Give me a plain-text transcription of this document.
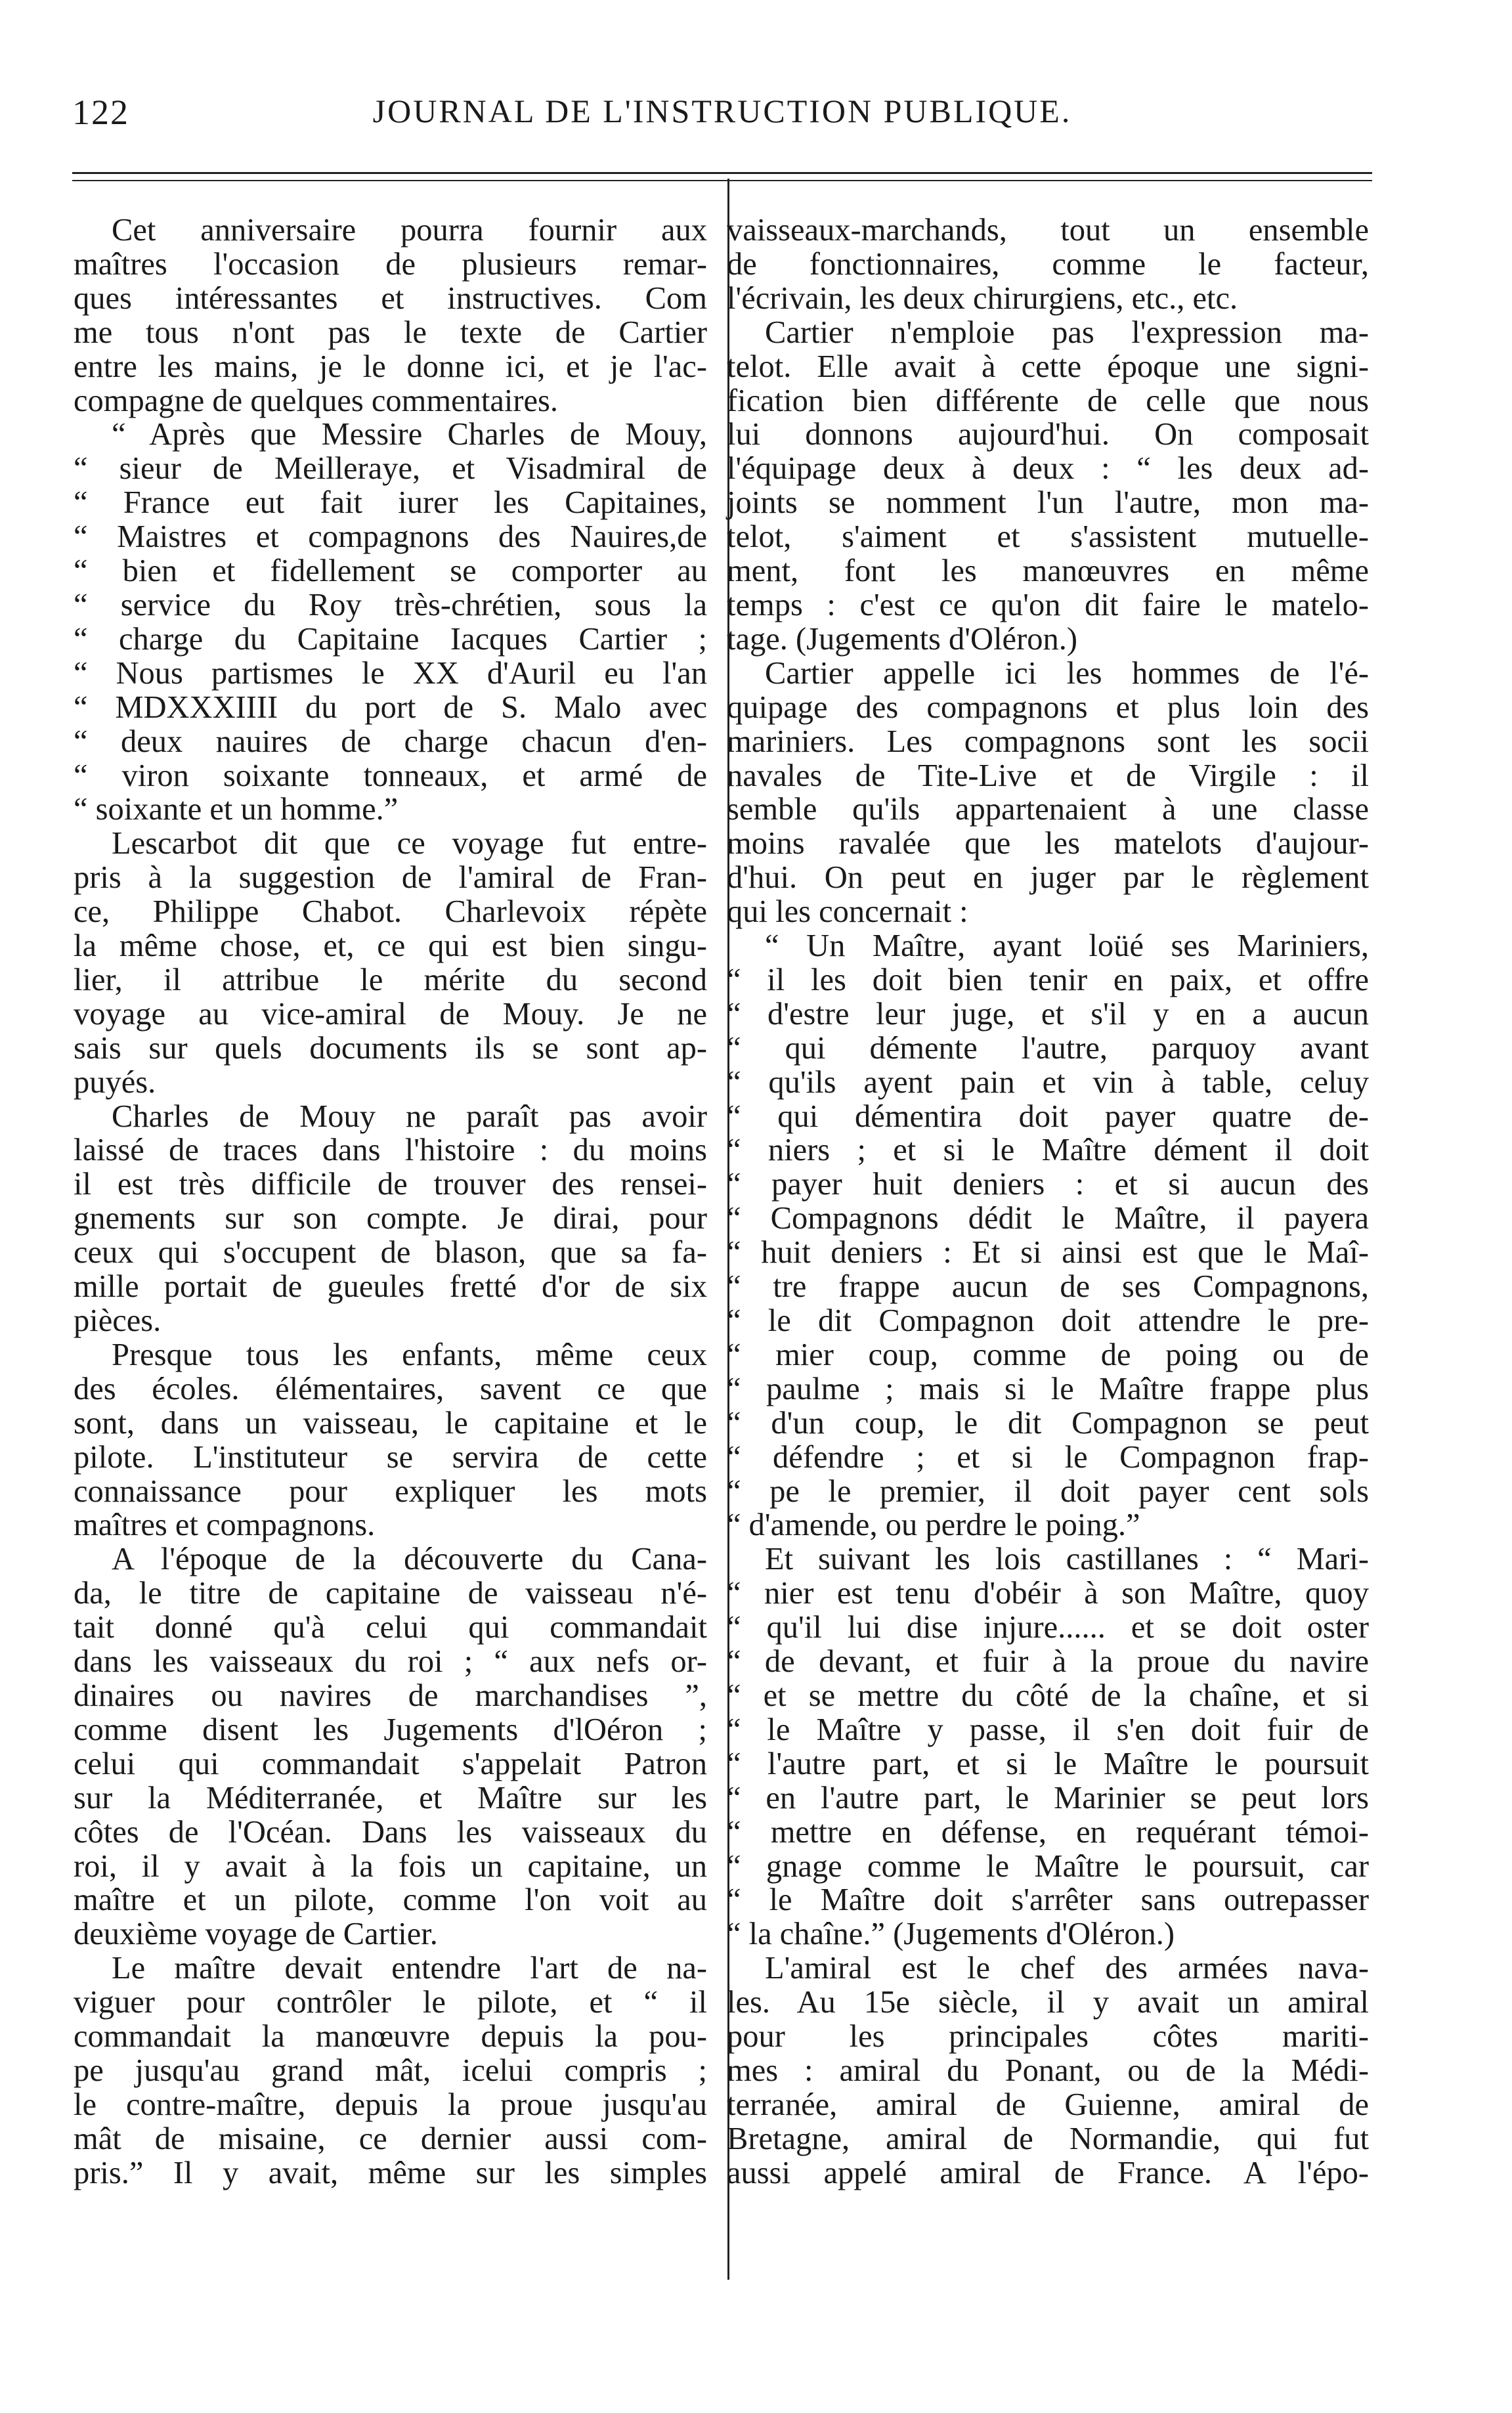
122	JOURNAL DE L'INSTRUCTION PUBLIQUE.

Cet anniversaire pourra fournir aux

maîtres l'occasion de plusieurs remar-

ques intéressantes et instructives. Com

me tous n'ont pas le texte de Cartier

entre les mains, je le donne ici, et je l'ac-

compagne de quelques commentaires.

“ Après que Messire Charles de Mouy,

“ sieur de Meilleraye, et Visadmiral de

“ France eut fait iurer les Capitaines,

“ Maistres et compagnons des Nauires,de

“ bien et fidellement se comporter au

“ service du Roy très-chrétien, sous la

“ charge du Capitaine Iacques Cartier ;

“ Nous partismes le XX d'Auril eu l'an

“ MDXXXIIII du port de S. Malo avec

“ deux nauires de charge chacun d'en-

“ viron soixante tonneaux, et armé de

“ soixante et un homme.”

Lescarbot dit que ce voyage fut entre-

pris à la suggestion de l'amiral de Fran-

ce, Philippe Chabot. Charlevoix répète

la même chose, et, ce qui est bien singu-

lier, il attribue le mérite du second

voyage au vice-amiral de Mouy. Je ne

sais sur quels documents ils se sont ap-

puyés.

Charles de Mouy ne paraît pas avoir

laissé de traces dans l'histoire : du moins

il est très difficile de trouver des rensei-

gnements sur son compte. Je dirai, pour

ceux qui s'occupent de blason, que sa fa-

mille portait de gueules fretté d'or de six

pièces.

Presque tous les enfants, même ceux

des écoles. élémentaires, savent ce que

sont, dans un vaisseau, le capitaine et le

pilote. L'instituteur se servira de cette

connaissance pour expliquer les mots

maîtres et compagnons.

A l'époque de la découverte du Cana-

da, le titre de capitaine de vaisseau n'é-

tait donné qu'à celui qui commandait

dans les vaisseaux du roi ; “ aux nefs or-

dinaires ou navires de marchandises ”,

comme disent les Jugements d'lOéron ;

celui qui commandait s'appelait Patron

sur la Méditerranée, et Maître sur les

côtes de l'Océan. Dans les vaisseaux du

roi, il y avait à la fois un capitaine, un

maître et un pilote, comme l'on voit au

deuxième voyage de Cartier.

Le maître devait entendre l'art de na-

viguer pour contrôler le pilote, et “ il

commandait la manœuvre depuis la pou-

pe jusqu'au grand mât, icelui compris ;

le contre-maître, depuis la proue jusqu'au

mât de misaine, ce dernier aussi com-

pris.” Il y avait, même sur les simples

vaisseaux-marchands, tout un ensemble

de fonctionnaires, comme le facteur,

l'écrivain, les deux chirurgiens, etc., etc.

Cartier n'emploie pas l'expression ma-

telot. Elle avait à cette époque une signi-

fication bien différente de celle que nous

lui donnons aujourd'hui. On composait

l'équipage deux à deux : “ les deux ad-

joints se nomment l'un l'autre, mon ma-

telot, s'aiment et s'assistent mutuelle-

ment, font les manœuvres en même

temps : c'est ce qu'on dit faire le matelo-

tage. (Jugements d'Oléron.)

Cartier appelle ici les hommes de l'é-

quipage des compagnons et plus loin des

mariniers. Les compagnons sont les socii

navales de Tite-Live et de Virgile : il

semble qu'ils appartenaient à une classe

moins ravalée que les matelots d'aujour-

d'hui. On peut en juger par le règlement

qui les concernait :

“ Un Maître, ayant loüé ses Mariniers,

“ il les doit bien tenir en paix, et offre

“ d'estre leur juge, et s'il y en a aucun

“ qui démente l'autre, parquoy avant

“ qu'ils ayent pain et vin à table, celuy

“ qui démentira doit payer quatre de-

“ niers ; et si le Maître dément il doit

“ payer huit deniers : et si aucun des

“ Compagnons dédit le Maître, il payera

“ huit deniers : Et si ainsi est que le Maî-

“ tre frappe aucun de ses Compagnons,

“ le dit Compagnon doit attendre le pre-

“ mier coup, comme de poing ou de

“ paulme ; mais si le Maître frappe plus

“ d'un coup, le dit Compagnon se peut

“ défendre ; et si le Compagnon frap-

“ pe le premier, il doit payer cent sols

“ d'amende, ou perdre le poing.”

Et suivant les lois castillanes : “ Mari-

“ nier est tenu d'obéir à son Maître, quoy

“ qu'il lui dise injure...... et se doit oster

“ de devant, et fuir à la proue du navire

“ et se mettre du côté de la chaîne, et si

“ le Maître y passe, il s'en doit fuir de

“ l'autre part, et si le Maître le poursuit

“ en l'autre part, le Marinier se peut lors

“ mettre en défense, en requérant témoi-

“ gnage comme le Maître le poursuit, car

“ le Maître doit s'arrêter sans outrepasser

“ la chaîne.” (Jugements d'Oléron.)

L'amiral est le chef des armées nava-

les. Au 15e siècle, il y avait un amiral

pour les principales côtes mariti-

mes : amiral du Ponant, ou de la Médi-

terranée, amiral de Guienne, amiral de

Bretagne, amiral de Normandie, qui fut

aussi appelé amiral de France. A l'épo-
